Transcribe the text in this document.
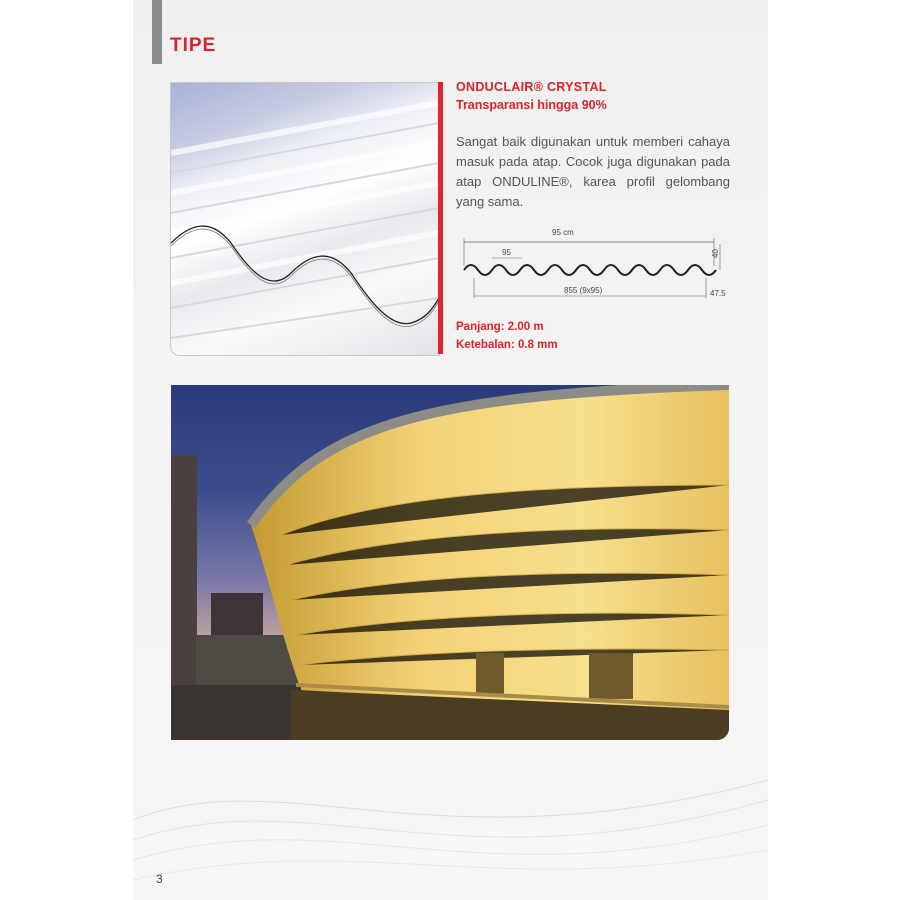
TIPE
ONDUCLAIR® CRYSTAL
Transparansi hingga 90%
Sangat baik digunakan untuk memberi cahaya masuk pada atap. Cocok juga digunakan pada atap ONDULINE®, karea profil gelombang yang sama.
95 cm
95	40
855 (9x95)	47.5
Panjang: 2.00 m
Ketebalan: 0.8 mm
3
